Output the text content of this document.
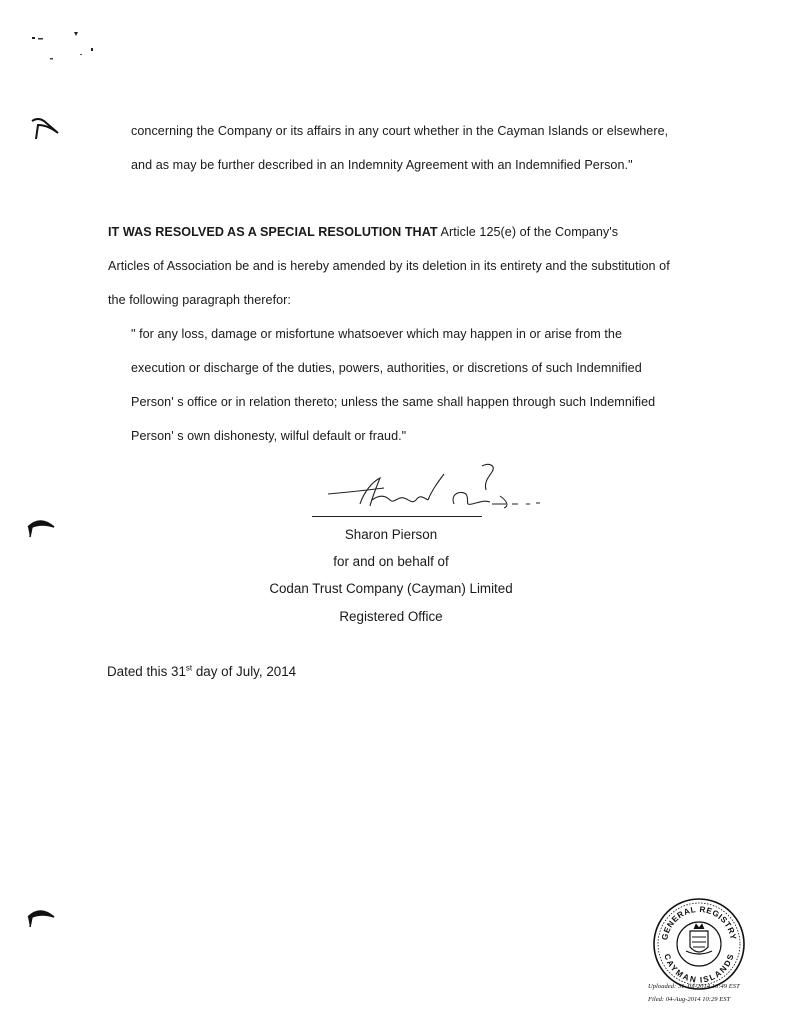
concerning the Company or its affairs in any court whether in the Cayman Islands or elsewhere,
and as may be further described in an Indemnity Agreement with an Indemnified Person."
IT WAS RESOLVED AS A SPECIAL RESOLUTION THAT Article 125(e) of the Company's
Articles of Association be and is hereby amended by its deletion in its entirety and the substitution of
the following paragraph therefor:
" for any loss, damage or misfortune whatsoever which may happen in or arise from the
execution or discharge of the duties, powers, authorities, or discretions of such Indemnified
Person' s office or in relation thereto; unless the same shall happen through such Indemnified
Person' s own dishonesty, wilful default or fraud."
Sharon Pierson
for and on behalf of
Codan Trust Company (Cayman) Limited
Registered Office
Dated this 31st day of July, 2014
GENERAL REGISTRY
CAYMAN ISLANDS
Uploaded: 31-Jul-2014 16:49 EST
Filed: 04-Aug-2014 10:29 EST
